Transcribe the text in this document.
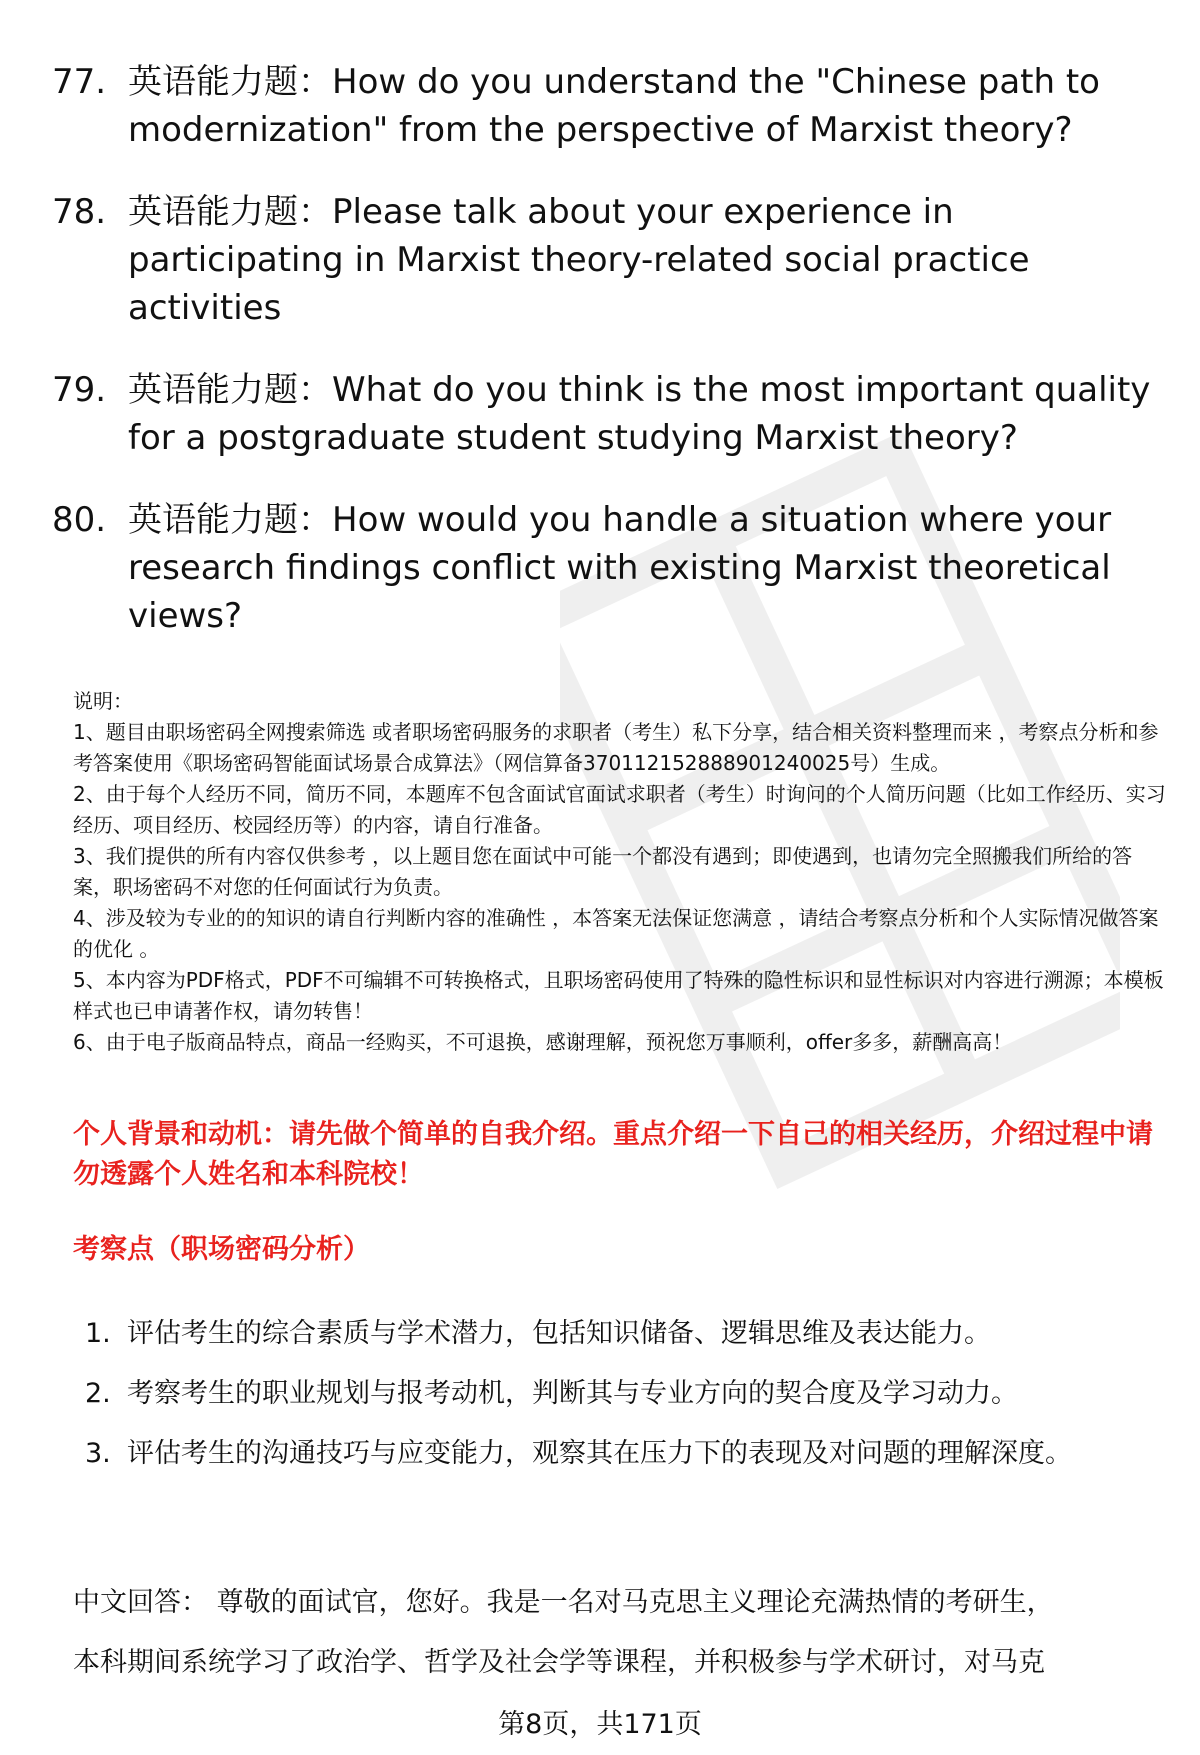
77. 英语能力题：How do you understand the "Chinese path to modernization" from the perspective of Marxist theory?
78. 英语能力题：Please talk about your experience in participating in Marxist theory-related social practice activities
79. 英语能力题：What do you think is the most important quality for a postgraduate student studying Marxist theory?
80. 英语能力题：How would you handle a situation where your research findings conflict with existing Marxist theoretical views?

说明：

1、题目由职场密码全网搜索筛选 或者职场密码服务的求职者（考生）私下分享，结合相关资料整理而来 ，考察点分析和参考答案使用《职场密码智能面试场景合成算法》（网信算备370112152888901240025号）生成。

2、由于每个人经历不同，简历不同，本题库不包含面试官面试求职者（考生）时询问的个人简历问题（比如工作经历、实习经历、项目经历、校园经历等）的内容，请自行准备。

3、我们提供的所有内容仅供参考 ，以上题目您在面试中可能一个都没有遇到；即使遇到，也请勿完全照搬我们所给的答案，职场密码不对您的任何面试行为负责。

4、涉及较为专业的的知识的请自行判断内容的准确性 ，本答案无法保证您满意 ，请结合考察点分析和个人实际情况做答案的优化 。

5、本内容为PDF格式，PDF不可编辑不可转换格式，且职场密码使用了特殊的隐性标识和显性标识对内容进行溯源；本模板样式也已申请著作权，请勿转售！

6、由于电子版商品特点，商品一经购买，不可退换，感谢理解，预祝您万事顺利，offer多多，薪酬高高！

个人背景和动机：请先做个简单的自我介绍。重点介绍一下自己的相关经历，介绍过程中请勿透露个人姓名和本科院校！
考察点（职场密码分析）
1. 评估考生的综合素质与学术潜力，包括知识储备、逻辑思维及表达能力。
2. 考察考生的职业规划与报考动机，判断其与专业方向的契合度及学习动力。
3. 评估考生的沟通技巧与应变能力，观察其在压力下的表现及对问题的理解深度。

中文回答： 尊敬的面试官，您好。我是一名对马克思主义理论充满热情的考研生，

本科期间系统学习了政治学、哲学及社会学等课程，并积极参与学术研讨，对马克

第8页，共171页
